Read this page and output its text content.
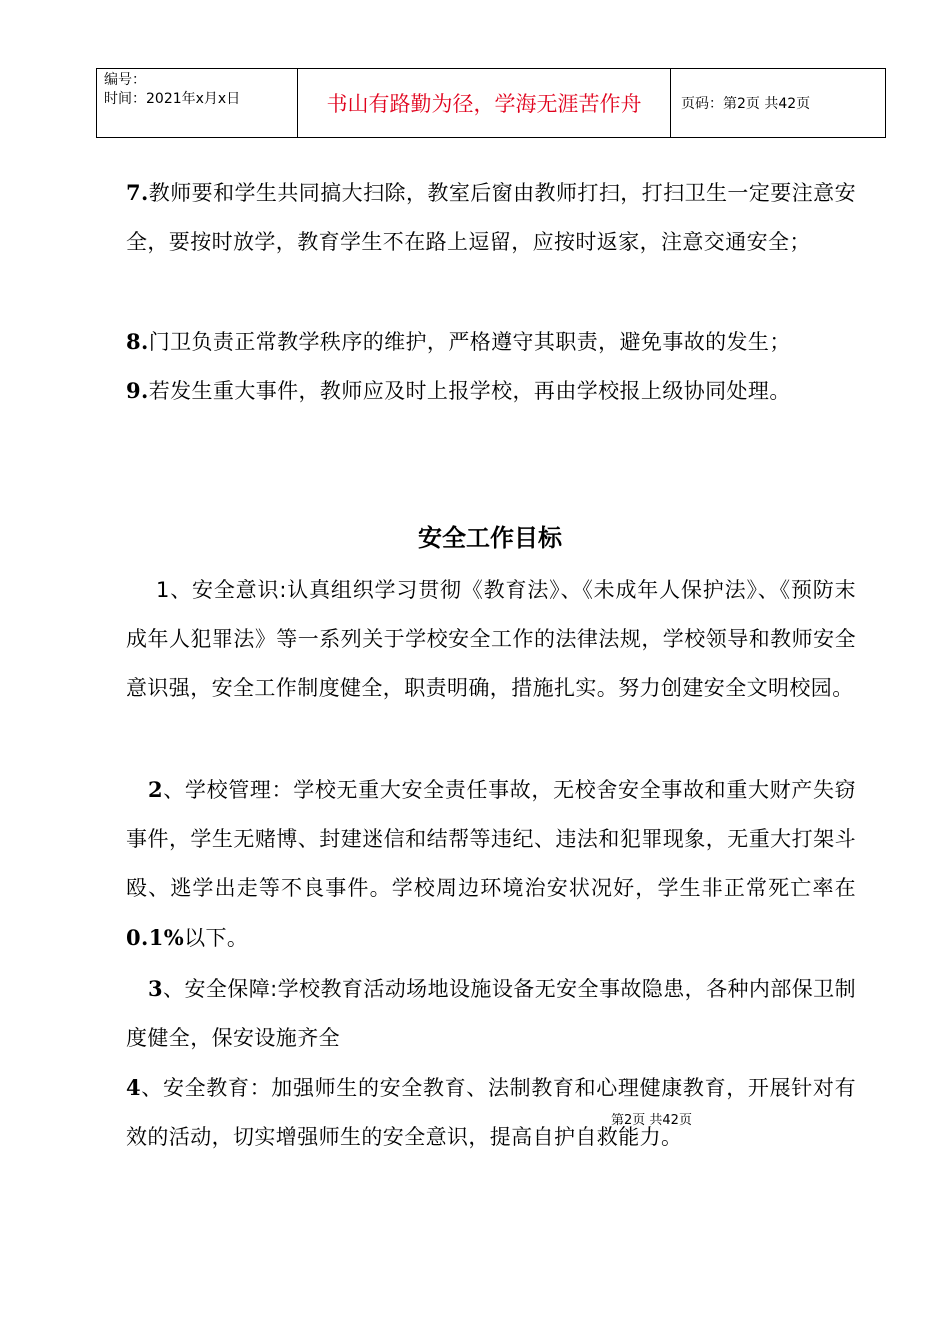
编号：
时间：2021年x月x日	书山有路勤为径，学海无涯苦作舟	页码：第2页 共42页

7.教师要和学生共同搞大扫除，教室后窗由教师打扫，打扫卫生一定要注意安全，要按时放学，教育学生不在路上逗留，应按时返家，注意交通安全；

8.门卫负责正常教学秩序的维护，严格遵守其职责，避免事故的发生；

9.若发生重大事件，教师应及时上报学校，再由学校报上级协同处理。

安全工作目标

1、安全意识:认真组织学习贯彻《教育法》、《未成年人保护法》、《预防末成年人犯罪法》等一系列关于学校安全工作的法律法规，学校领导和教师安全意识强，安全工作制度健全，职责明确，措施扎实。努力创建安全文明校园。

2、学校管理：学校无重大安全责任事故，无校舍安全事故和重大财产失窃事件，学生无赌博、封建迷信和结帮等违纪、违法和犯罪现象，无重大打架斗殴、逃学出走等不良事件。学校周边环境治安状况好，学生非正常死亡率在0.1%以下。

3、安全保障:学校教育活动场地设施设备无安全事故隐患，各种内部保卫制度健全，保安设施齐全

4、安全教育：加强师生的安全教育、法制教育和心理健康教育，开展针对有效的活动，切实增强师生的安全意识，提高自护自救能力。

第2页 共42页
